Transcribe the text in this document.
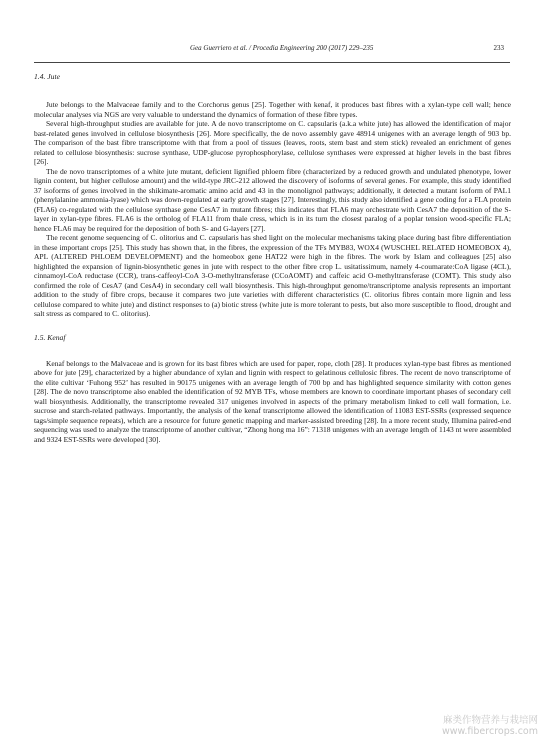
Gea Guerriero et al. / Procedia Engineering 200 (2017) 229–235	233
1.4. Jute

Jute belongs to the Malvaceae family and to the Corchorus genus [25]. Together with kenaf, it produces bast fibres with a xylan-type cell wall; hence molecular analyses via NGS are very valuable to understand the dynamics of formation of these fibre types.

Several high-throughput studies are available for jute. A de novo transcriptome on C. capsularis (a.k.a white jute) has allowed the identification of major bast-related genes involved in cellulose biosynthesis [26]. More specifically, the de novo assembly gave 48914 unigenes with an average length of 903 bp. The comparison of the bast fibre transcriptome with that from a pool of tissues (leaves, roots, stem bast and stem stick) revealed an enrichment of genes related to cellulose biosynthesis: sucrose synthase, UDP-glucose pyrophosphorylase, cellulose synthases were expressed at higher levels in the bast fibres [26].

The de novo transcriptomes of a white jute mutant, deficient lignified phloem fibre (characterized by a reduced growth and undulated phenotype, lower lignin content, but higher cellulose amount) and the wild-type JRC-212 allowed the discovery of isoforms of several genes. For example, this study identified 37 isoforms of genes involved in the shikimate-aromatic amino acid and 43 in the monolignol pathways; additionally, it detected a mutant isoform of PAL1 (phenylalanine ammonia-lyase) which was down-regulated at early growth stages [27]. Interestingly, this study also identified a gene coding for a FLA protein (FLA6) co-regulated with the cellulose synthase gene CesA7 in mutant fibres; this indicates that FLA6 may orchestrate with CesA7 the deposition of the S-layer in xylan-type fibres. FLA6 is the ortholog of FLA11 from thale cress, which is in its turn the closest paralog of a poplar tension wood-specific FLA; hence FLA6 may be required for the deposition of both S- and G-layers [27].

The recent genome sequencing of C. olitorius and C. capsularis has shed light on the molecular mechanisms taking place during bast fibre differentiation in these important crops [25]. This study has shown that, in the fibres, the expression of the TFs MYB83, WOX4 (WUSCHEL RELATED HOMEOBOX 4), APL (ALTERED PHLOEM DEVELOPMENT) and the homeobox gene HAT22 were high in the fibres. The work by Islam and colleagues [25] also highlighted the expansion of lignin-biosynthetic genes in jute with respect to the other fibre crop L. usitatissimum, namely 4-coumarate:CoA ligase (4CL), cinnamoyl-CoA reductase (CCR), trans-caffeoyl-CoA 3-O-methyltransferase (CCoAOMT) and caffeic acid O-methyltransferase (COMT). This study also confirmed the role of CesA7 (and CesA4) in secondary cell wall biosynthesis. This high-throughput genome/transcriptome analysis represents an important addition to the study of fibre crops, because it compares two jute varieties with different characteristics (C. olitorius fibres contain more lignin and less cellulose compared to white jute) and distinct responses to (a) biotic stress (white jute is more tolerant to pests, but also more susceptible to flood, drought and salt stress as compared to C. olitorius).

1.5. Kenaf

Kenaf belongs to the Malvaceae and is grown for its bast fibres which are used for paper, rope, cloth [28]. It produces xylan-type bast fibres as mentioned above for jute [29], characterized by a higher abundance of xylan and lignin with respect to gelatinous cellulosic fibres. The recent de novo transcriptome of the elite cultivar ‘Fuhong 952’ has resulted in 90175 unigenes with an average length of 700 bp and has highlighted sequence similarity with cotton genes [28]. The de novo transcriptome also enabled the identification of 92 MYB TFs, whose members are known to coordinate important phases of secondary cell wall biosynthesis. Additionally, the transcriptome revealed 317 unigenes involved in aspects of the primary metabolism linked to cell wall formation, i.e. sucrose and starch-related pathways. Importantly, the analysis of the kenaf transcriptome allowed the identification of 11083 EST-SSRs (expressed sequence tags/simple sequence repeats), which are a resource for future genetic mapping and marker-assisted breeding [28]. In a more recent study, Illumina paired-end sequencing was used to analyze the transcriptome of another cultivar, “Zhong hong ma 16”: 71318 unigenes with an average length of 1143 nt were assembled and 9324 EST-SSRs were developed [30].

麻类作物营养与栽培网
www.fibercrops.com
